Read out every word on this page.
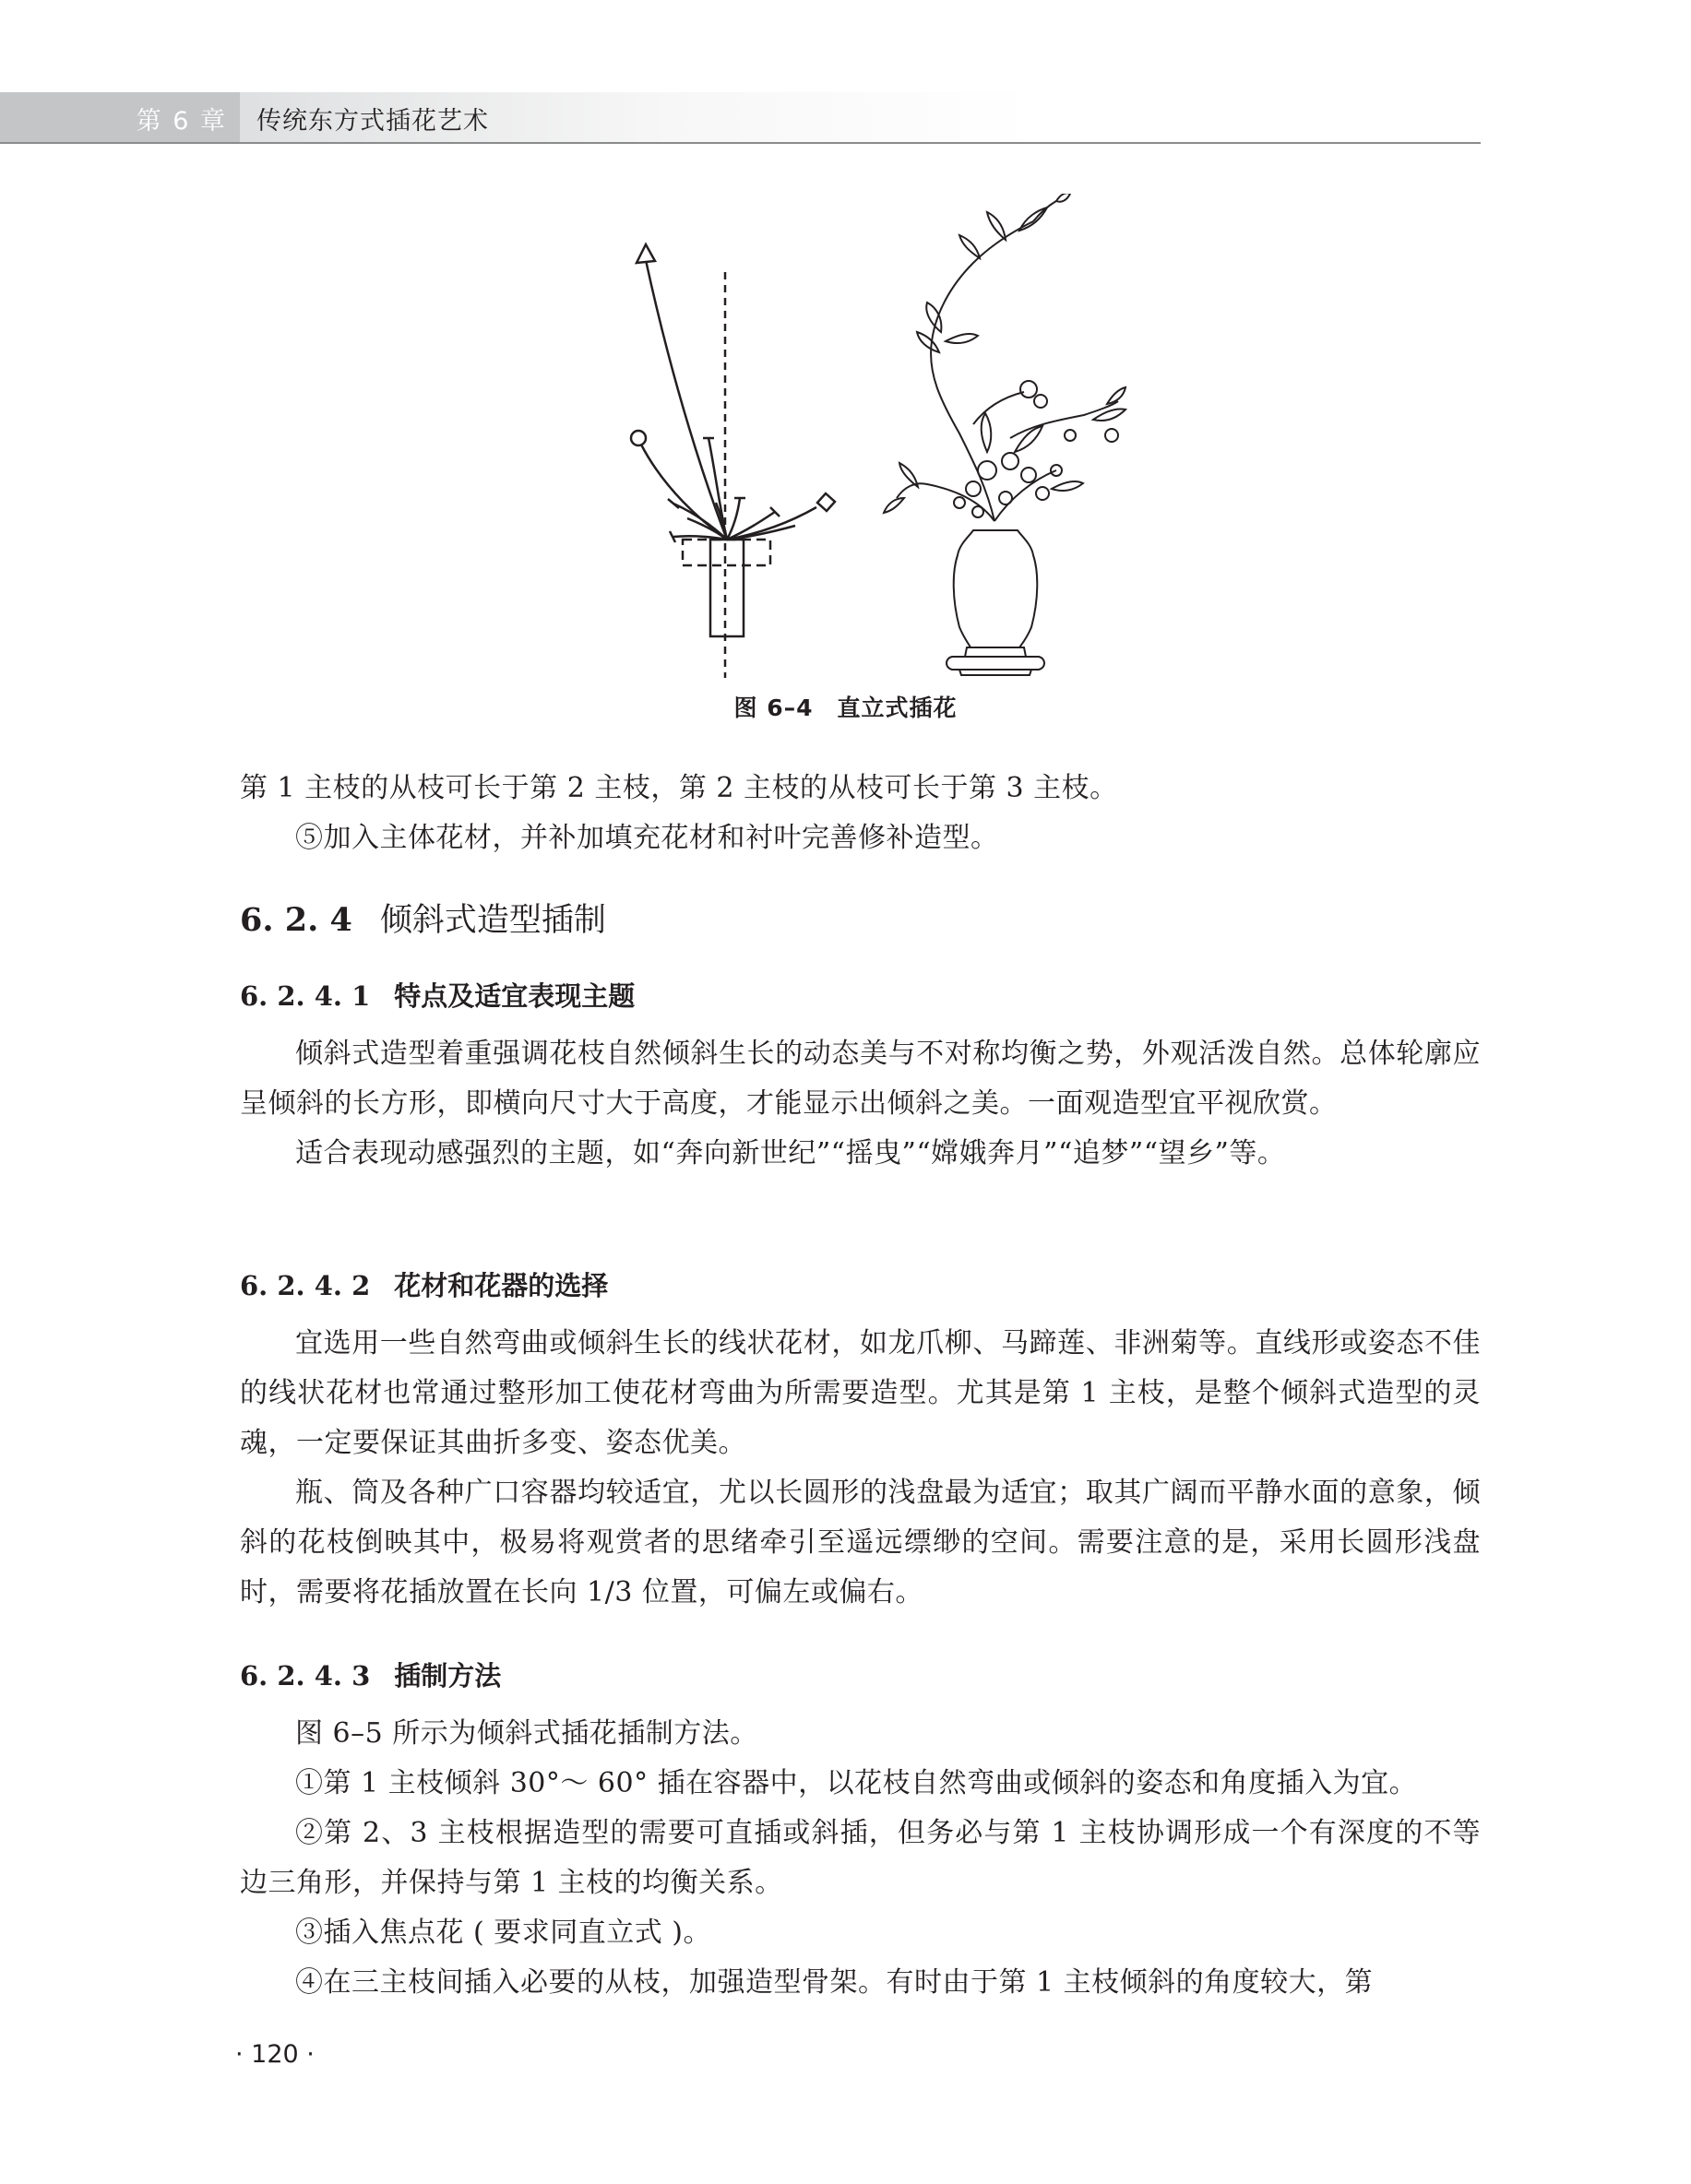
第 6 章	传统东方式插花艺术
图 6–4　直立式插花

第 1 主枝的从枝可长于第 2 主枝，第 2 主枝的从枝可长于第 3 主枝。

⑤加入主体花材，并补加填充花材和衬叶完善修补造型。

6. 2. 4 倾斜式造型插制
6. 2. 4. 1 特点及适宜表现主题

倾斜式造型着重强调花枝自然倾斜生长的动态美与不对称均衡之势，外观活泼自然。总体轮廓应呈倾斜的长方形，即横向尺寸大于高度，才能显示出倾斜之美。一面观造型宜平视欣赏。

适合表现动感强烈的主题，如“奔向新世纪”“摇曳”“嫦娥奔月”“追梦”“望乡”等。

6. 2. 4. 2 花材和花器的选择

宜选用一些自然弯曲或倾斜生长的线状花材，如龙爪柳、马蹄莲、非洲菊等。直线形或姿态不佳的线状花材也常通过整形加工使花材弯曲为所需要造型。尤其是第 1 主枝，是整个倾斜式造型的灵魂，一定要保证其曲折多变、姿态优美。

瓶、筒及各种广口容器均较适宜，尤以长圆形的浅盘最为适宜；取其广阔而平静水面的意象，倾斜的花枝倒映其中，极易将观赏者的思绪牵引至遥远缥缈的空间。需要注意的是，采用长圆形浅盘时，需要将花插放置在长向 1/3 位置，可偏左或偏右。

6. 2. 4. 3 插制方法

图 6–5 所示为倾斜式插花插制方法。

①第 1 主枝倾斜 30°～ 60° 插在容器中，以花枝自然弯曲或倾斜的姿态和角度插入为宜。

②第 2、3 主枝根据造型的需要可直插或斜插，但务必与第 1 主枝协调形成一个有深度的不等边三角形，并保持与第 1 主枝的均衡关系。

③插入焦点花 ( 要求同直立式 )。

④在三主枝间插入必要的从枝，加强造型骨架。有时由于第 1 主枝倾斜的角度较大，第

· 120 ·
